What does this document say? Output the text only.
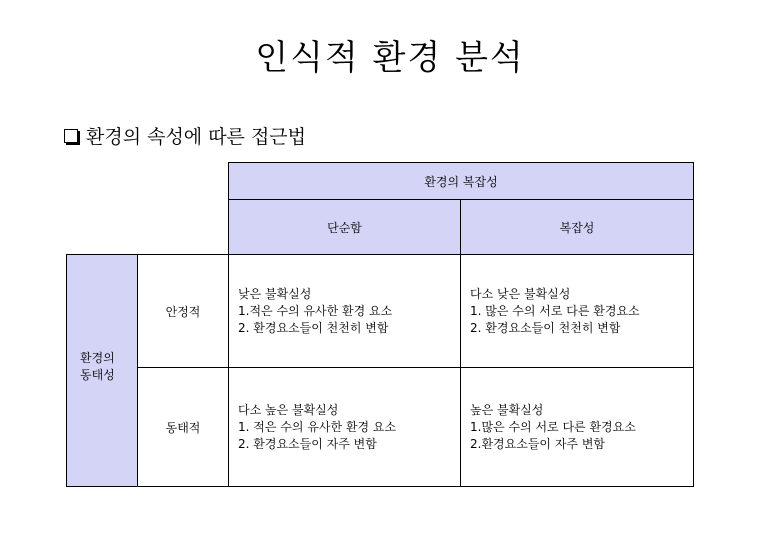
인식적 환경 분석
환경의 속성에 따른 접근법
환경의 복잡성
단순함	복잡성
환경의
동태성
안정적
동태적
낮은 불확실성
1.적은 수의 유사한 환경 요소
2. 환경요소들이 천천히 변함
다소 낮은 불확실성
1. 많은 수의 서로 다른 환경요소
2. 환경요소들이 천천히 변함
다소 높은 불확실성
1. 적은 수의 유사한 환경 요소
2. 환경요소들이 자주 변함
높은 불확실성
1.많은 수의 서로 다른 환경요소
2.환경요소들이 자주 변함
